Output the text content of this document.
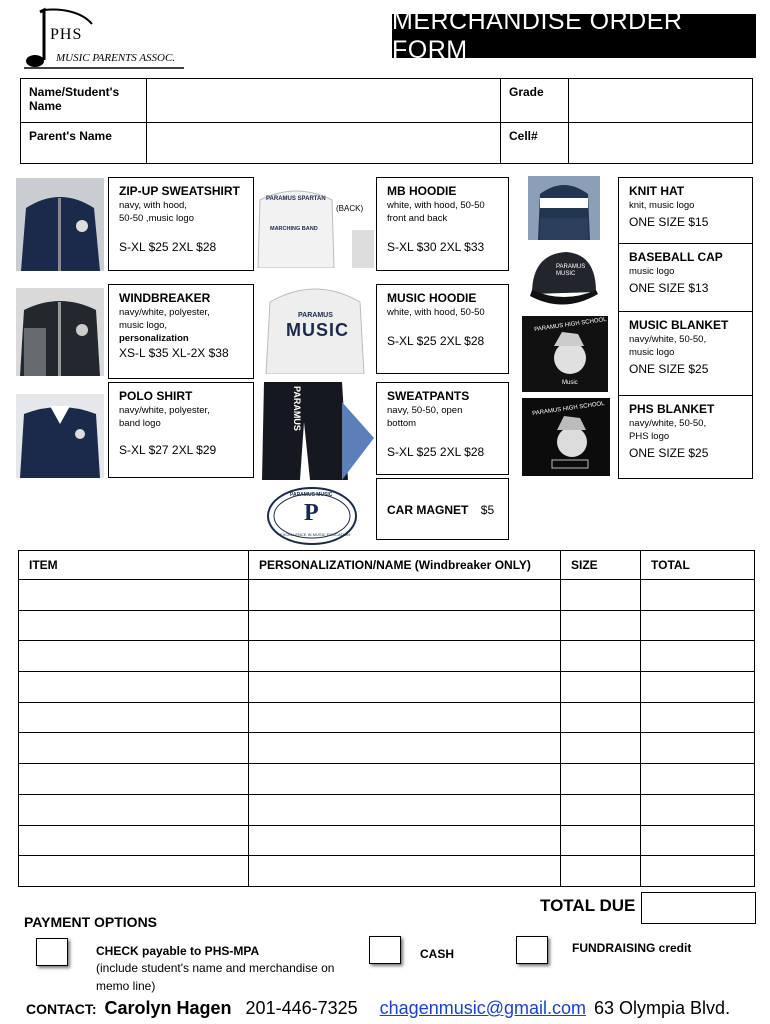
PHS
MUSIC PARENTS ASSOC.
MERCHANDISE ORDER FORM
Name/Student's Name		Grade	
Parent's Name		Cell#	
ZIP-UP SWEATSHIRT
navy, with hood,
50-50 ,music logo
S-XL $25 2XL $28
WINDBREAKER
navy/white, polyester,
music logo,
personalization
XS-L $35 XL-2X $38
POLO SHIRT
navy/white, polyester,
band logo
S-XL $27 2XL $29
PARAMUS SPARTAN
MARCHING BAND
(BACK)
PARAMUS
MUSIC
PARAMUS
PARAMUS MUSIC
P
EXCELLENCE IN MUSIC EDUCATION
MB HOODIE
white, with hood, 50-50
front and back
S-XL $30 2XL $33
MUSIC HOODIE
white, with hood, 50-50
S-XL $25 2XL $28
SWEATPANTS
navy, 50-50, open
bottom
S-XL $25 2XL $28
CAR MAGNET $5
PARAMUS MUSIC
PARAMUS HIGH SCHOOL
Music
PARAMUS HIGH SCHOOL
KNIT HAT
knit, music logo
ONE SIZE $15
BASEBALL CAP
music logo
ONE SIZE $13
MUSIC BLANKET
navy/white, 50-50,
music logo
ONE SIZE $25
PHS BLANKET
navy/white, 50-50,
PHS logo
ONE SIZE $25
ITEM	PERSONALIZATION/NAME (Windbreaker ONLY)	SIZE	TOTAL

TOTAL DUE
PAYMENT OPTIONS
CHECK payable to PHS-MPA
(include student's name and merchandise on
memo line)
CASH	FUNDRAISING credit
CONTACT: Carolyn Hagen 201-446-7325 chagenmusic@gmail.com 63 Olympia Blvd.
